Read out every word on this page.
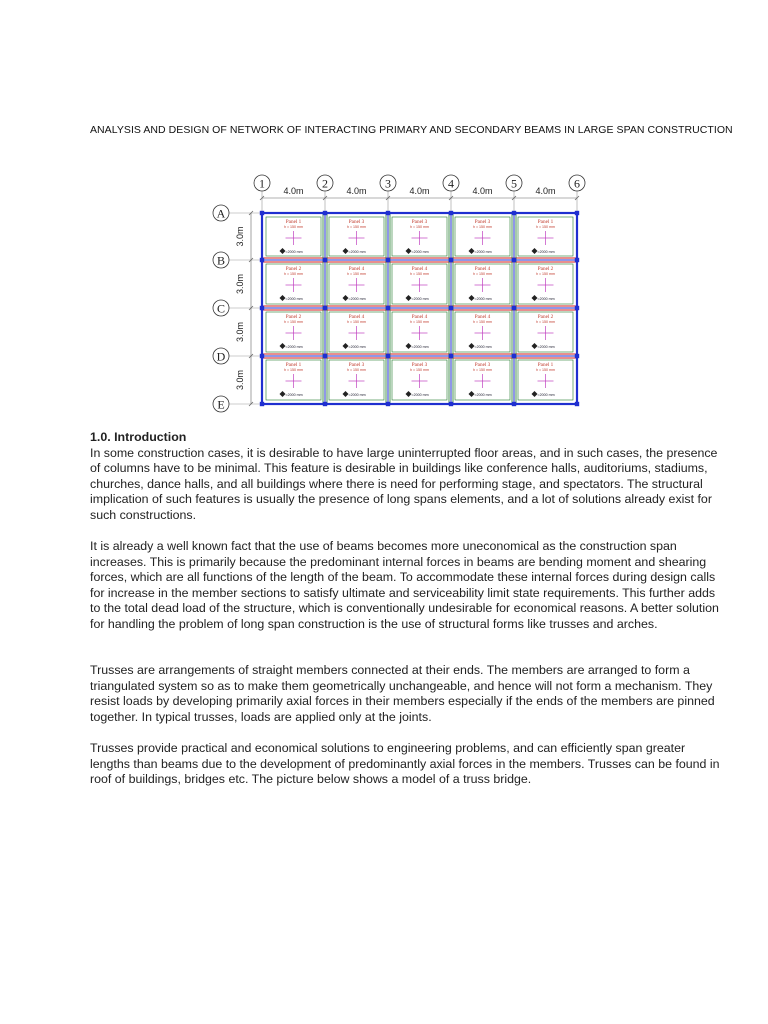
ANALYSIS AND DESIGN OF NETWORK OF INTERACTING PRIMARY AND SECONDARY BEAMS IN LARGE SPAN CONSTRUCTION
1	2	3	4	5	6
A
B
C
D
E
4.0m	4.0m	4.0m	4.0m	4.0m
3.0m
3.0m
3.0m
3.0m
Panel 1
h = 150 mm
=2000 mm
Panel 3
h = 150 mm
=2000 mm
Panel 3
h = 150 mm
=2000 mm
Panel 3
h = 150 mm
=2000 mm
Panel 1
h = 150 mm
=2000 mm
Panel 2
h = 150 mm
=2000 mm
Panel 4
h = 150 mm
=2000 mm
Panel 4
h = 150 mm
=2000 mm
Panel 4
h = 150 mm
=2000 mm
Panel 2
h = 150 mm
=2000 mm
Panel 2
h = 150 mm
=2000 mm
Panel 4
h = 150 mm
=2000 mm
Panel 4
h = 150 mm
=2000 mm
Panel 4
h = 150 mm
=2000 mm
Panel 2
h = 150 mm
=2000 mm
Panel 1
h = 150 mm
=2000 mm
Panel 3
h = 150 mm
=2000 mm
Panel 3
h = 150 mm
=2000 mm
Panel 3
h = 150 mm
=2000 mm
Panel 1
h = 150 mm
=2000 mm
1.0. Introduction

In some construction cases, it is desirable to have large uninterrupted floor areas, and in such cases, the presence of columns have to be minimal. This feature is desirable in buildings like conference halls, auditoriums, stadiums, churches, dance halls, and all buildings where there is need for performing stage, and spectators. The structural implication of such features is usually the presence of long spans elements, and a lot of solutions already exist for such constructions.

It is already a well known fact that the use of beams becomes more uneconomical as the construction span increases. This is primarily because the predominant internal forces in beams are bending moment and shearing forces, which are all functions of the length of the beam. To accommodate these internal forces during design calls for increase in the member sections to satisfy ultimate and serviceability limit state requirements. This further adds to the total dead load of the structure, which is conventionally undesirable for economical reasons. A better solution for handling the problem of long span construction is the use of structural forms like trusses and arches.

Trusses are arrangements of straight members connected at their ends. The members are arranged to form a triangulated system so as to make them geometrically unchangeable, and hence will not form a mechanism. They resist loads by developing primarily axial forces in their members especially if the ends of the members are pinned together. In typical trusses, loads are applied only at the joints.

Trusses provide practical and economical solutions to engineering problems, and can efficiently span greater lengths than beams due to the development of predominantly axial forces in the members. Trusses can be found in roof of buildings, bridges etc. The picture below shows a model of a truss bridge.
